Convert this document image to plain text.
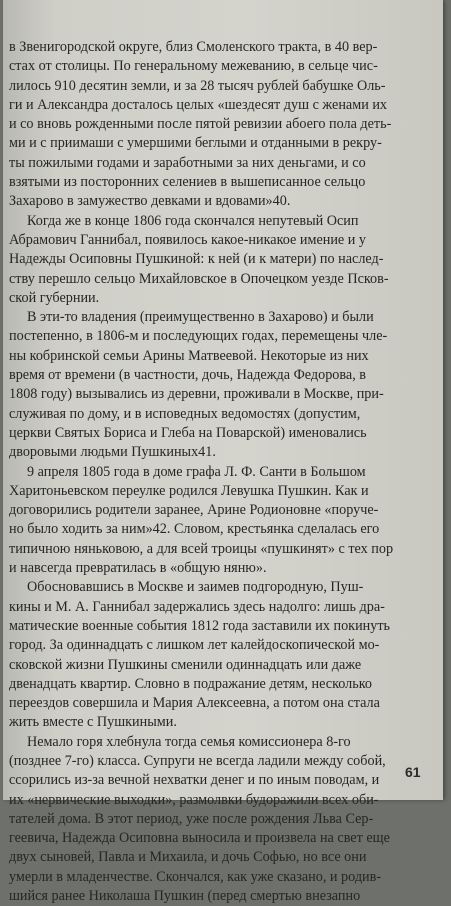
в Звенигородской округе, близ Смоленского тракта, в 40 вер-
стах от столицы. По генеральному межеванию, в сельце чис-
лилось 910 десятин земли, и за 28 тысяч рублей бабушке Оль-
ги и Александра досталось целых «шездесят душ с женами их
и со вновь рожденными после пятой ревизии абоего пола деть-
ми и с приимаши с умершими беглыми и отданными в рекру-
ты пожилыми годами и заработными за них деньгами, и со
взятыми из посторонних селениев в вышеписанное сельцо
Захарово в замужество девками и вдовами»40.
Когда же в конце 1806 года скончался непутевый Осип
Абрамович Ганнибал, появилось какое-никакое имение и у
Надежды Осиповны Пушкиной: к ней (и к матери) по наслед-
ству перешло сельцо Михайловское в Опочецком уезде Псков-
ской губернии.
В эти-то владения (преимущественно в Захарово) и были
постепенно, в 1806-м и последующих годах, перемещены чле-
ны кобринской семьи Арины Матвеевой. Некоторые из них
время от времени (в частности, дочь, Надежда Федорова, в
1808 году) вызывались из деревни, проживали в Москве, при-
служивая по дому, и в исповедных ведомостях (допустим,
церкви Святых Бориса и Глеба на Поварской) именовались
дворовыми людьми Пушкиных41.
9 апреля 1805 года в доме графа Л. Ф. Санти в Большом
Харитоньевском переулке родился Левушка Пушкин. Как и
договорились родители заранее, Арине Родионовне «поруче-
но было ходить за ним»42. Словом, крестьянка сделалась его
типичною няньковою, а для всей троицы «пушкинят» с тех пор
и навсегда превратилась в «общую няню».
Обосновавшись в Москве и заимев подгородную, Пуш-
кины и М. А. Ганнибал задержались здесь надолго: лишь дра-
матические военные события 1812 года заставили их покинуть
город. За одиннадцать с лишком лет калейдоскопической мо-
сковской жизни Пушкины сменили одиннадцать или даже
двенадцать квартир. Словно в подражание детям, несколько
переездов совершила и Мария Алексеевна, а потом она стала
жить вместе с Пушкиными.
Немало горя хлебнула тогда семья комиссионера 8-го
(позднее 7-го) класса. Супруги не всегда ладили между собой,
ссорились из-за вечной нехватки денег и по иным поводам, и
их «нервические выходки», размолвки будоражили всех оби-
тателей дома. В этот период, уже после рождения Льва Сер-
геевича, Надежда Осиповна выносила и произвела на свет еще
двух сыновей, Павла и Михаила, и дочь Софью, но все они
умерли в младенчестве. Скончался, как уже сказано, и родив-
шийся ранее Николаша Пушкин (перед смертью внезапно
61
